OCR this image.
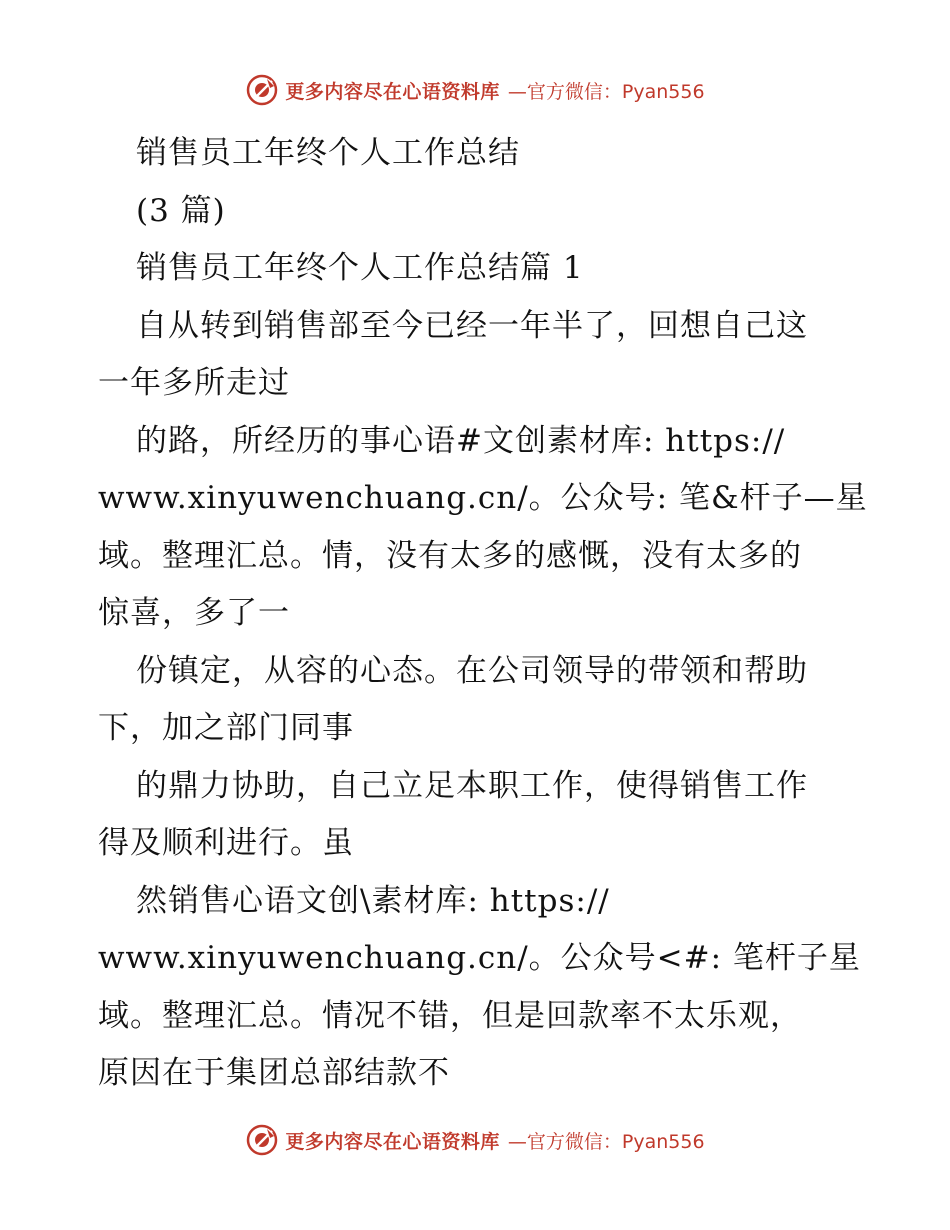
更多内容尽在心语资料库 —官方微信：Pyan556
销售员工年终个人工作总结
(3 篇)
销售员工年终个人工作总结篇 1
自从转到销售部至今已经一年半了，回想自己这
一年多所走过
的路，所经历的事心语#文创素材库: https://
www.xinyuwenchuang.cn/。公众号: 笔&杆子—星
域。整理汇总。情，没有太多的感慨，没有太多的
惊喜，多了一
份镇定，从容的心态。在公司领导的带领和帮助
下，加之部门同事
的鼎力协助，自己立足本职工作，使得销售工作
得及顺利进行。虽
然销售心语文创\素材库: https://
www.xinyuwenchuang.cn/。公众号<#: 笔杆子星
域。整理汇总。情况不错，但是回款率不太乐观，
原因在于集团总部结款不
更多内容尽在心语资料库 —官方微信：Pyan556
